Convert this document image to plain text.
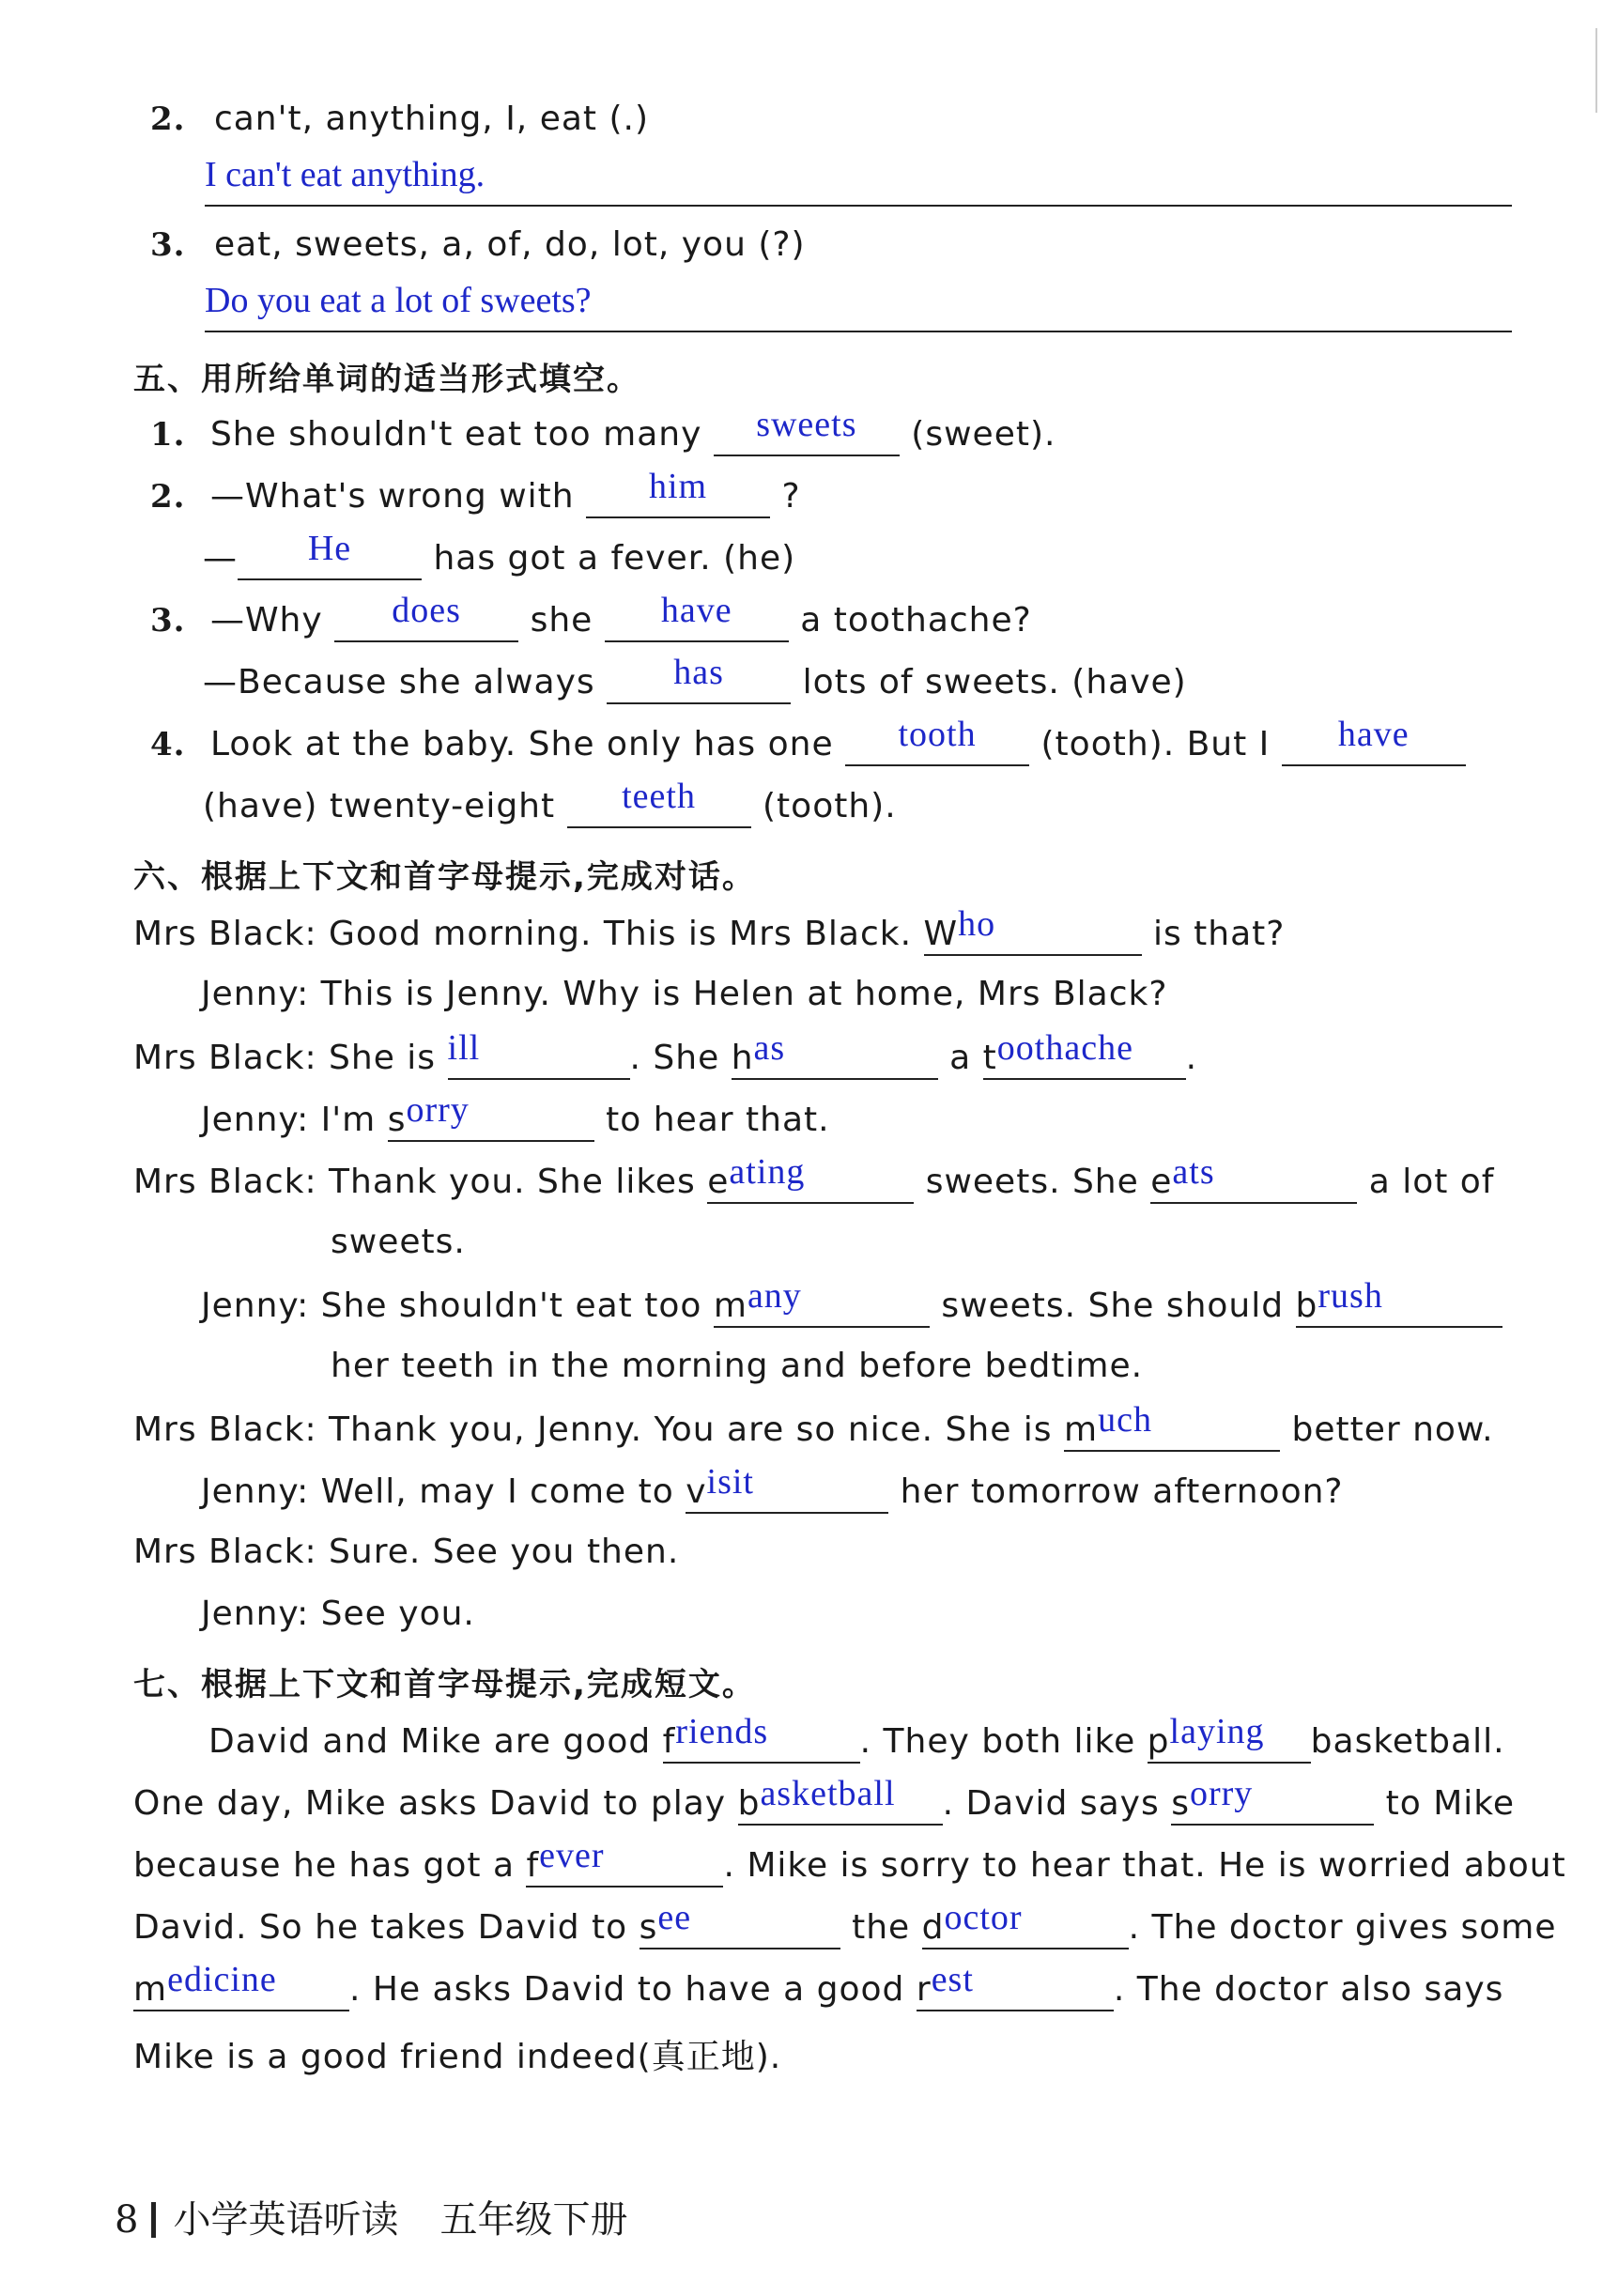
2. can't, anything, I, eat (.)
I can't eat anything.
3. eat, sweets, a, of, do, lot, you (?)
Do you eat a lot of sweets?
五、用所给单词的适当形式填空。
1. She shouldn't eat too many sweets (sweet).
2. —What's wrong with him ?
— He has got a fever. (he)
3. —Why does she have a toothache?
—Because she always has lots of sweets. (have)
4. Look at the baby. She only has one tooth (tooth). But I have
(have) twenty-eight teeth (tooth).
六、根据上下文和首字母提示,完成对话。
Mrs Black: Good morning. This is Mrs Black. Who	is that?
Jenny: This is Jenny. Why is Helen at home, Mrs Black?
Mrs Black: She is ill	. She has	a toothache .
Jenny: I'm sorry	to hear that.
Mrs Black: Thank you. She likes eating	sweets. She eats	a lot of
sweets.
Jenny: She shouldn't eat too many	sweets. She should brush
her teeth in the morning and before bedtime.
Mrs Black: Thank you, Jenny. You are so nice. She is much	better now.
Jenny: Well, may I come to visit	her tomorrow afternoon?
Mrs Black: Sure. See you then.
Jenny: See you.
七、根据上下文和首字母提示,完成短文。
David and Mike are good friends	. They both like playing basketball.
One day, Mike asks David to play basketball . David says sorry	to Mike
because he has got a fever	. Mike is sorry to hear that. He is worried about
David. So he takes David to see	the doctor	. The doctor gives some
medicine . He asks David to have a good rest	. The doctor also says
Mike is a good friend indeed(真正地).
8 小学英语听读 五年级下册
